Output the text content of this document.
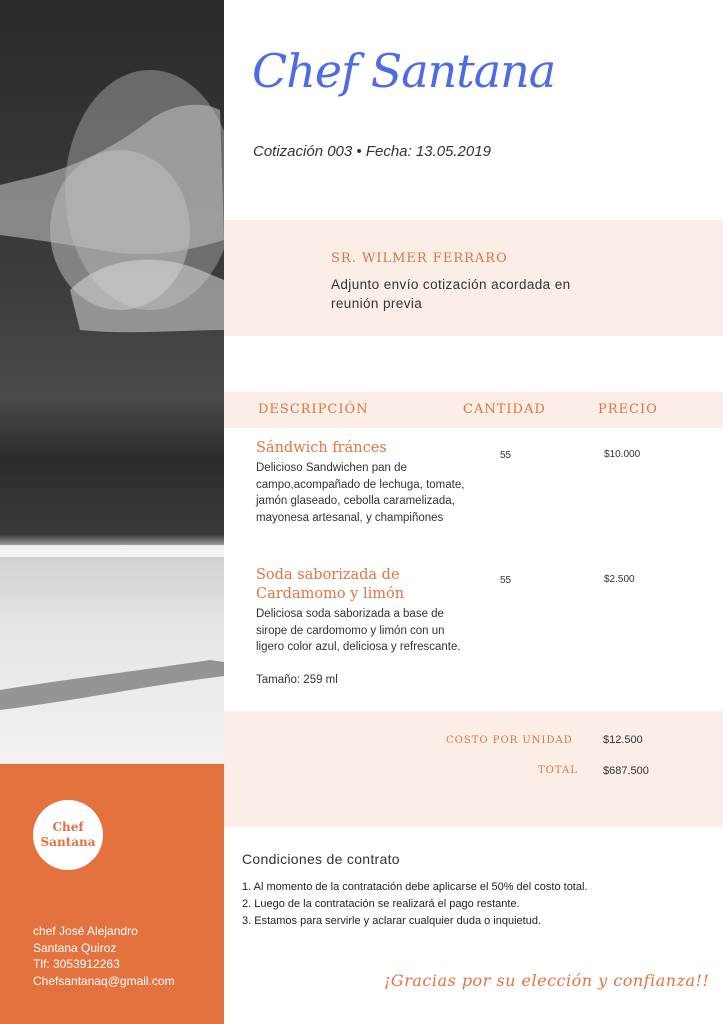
Chef
Santana
chef José Alejandro
Santana Quiroz
Tlf: 3053912263
Chefsantanaq@gmail.com
Chef Santana
Cotización 003 • Fecha: 13.05.2019
SR. WILMER FERRARO
Adjunto envío cotización acordada en reunión previa
DESCRIPCIÓN	CANTIDAD	PRECIO
Sándwich fránces
Delicioso Sandwichen pan de campo,acompañado de lechuga, tomate, jamón glaseado, cebolla caramelizada, mayonesa artesanal, y champiñones
55	$10.000
Soda saborizada de Cardamomo y limón
Deliciosa soda saborizada a base de sirope de cardomomo y limón con un ligero color azul, deliciosa y refrescante.
Tamaño: 259 ml
55	$2.500
COSTO POR UNIDAD	$12.500
TOTAL $687.500
Condiciones de contrato
1. Al momento de la contratación debe aplicarse el 50% del costo total.
2. Luego de la contratación se realizará el pago restante.
3. Estamos para servirle y aclarar cualquier duda o inquietud.
¡Gracias por su elección y confianza!!
